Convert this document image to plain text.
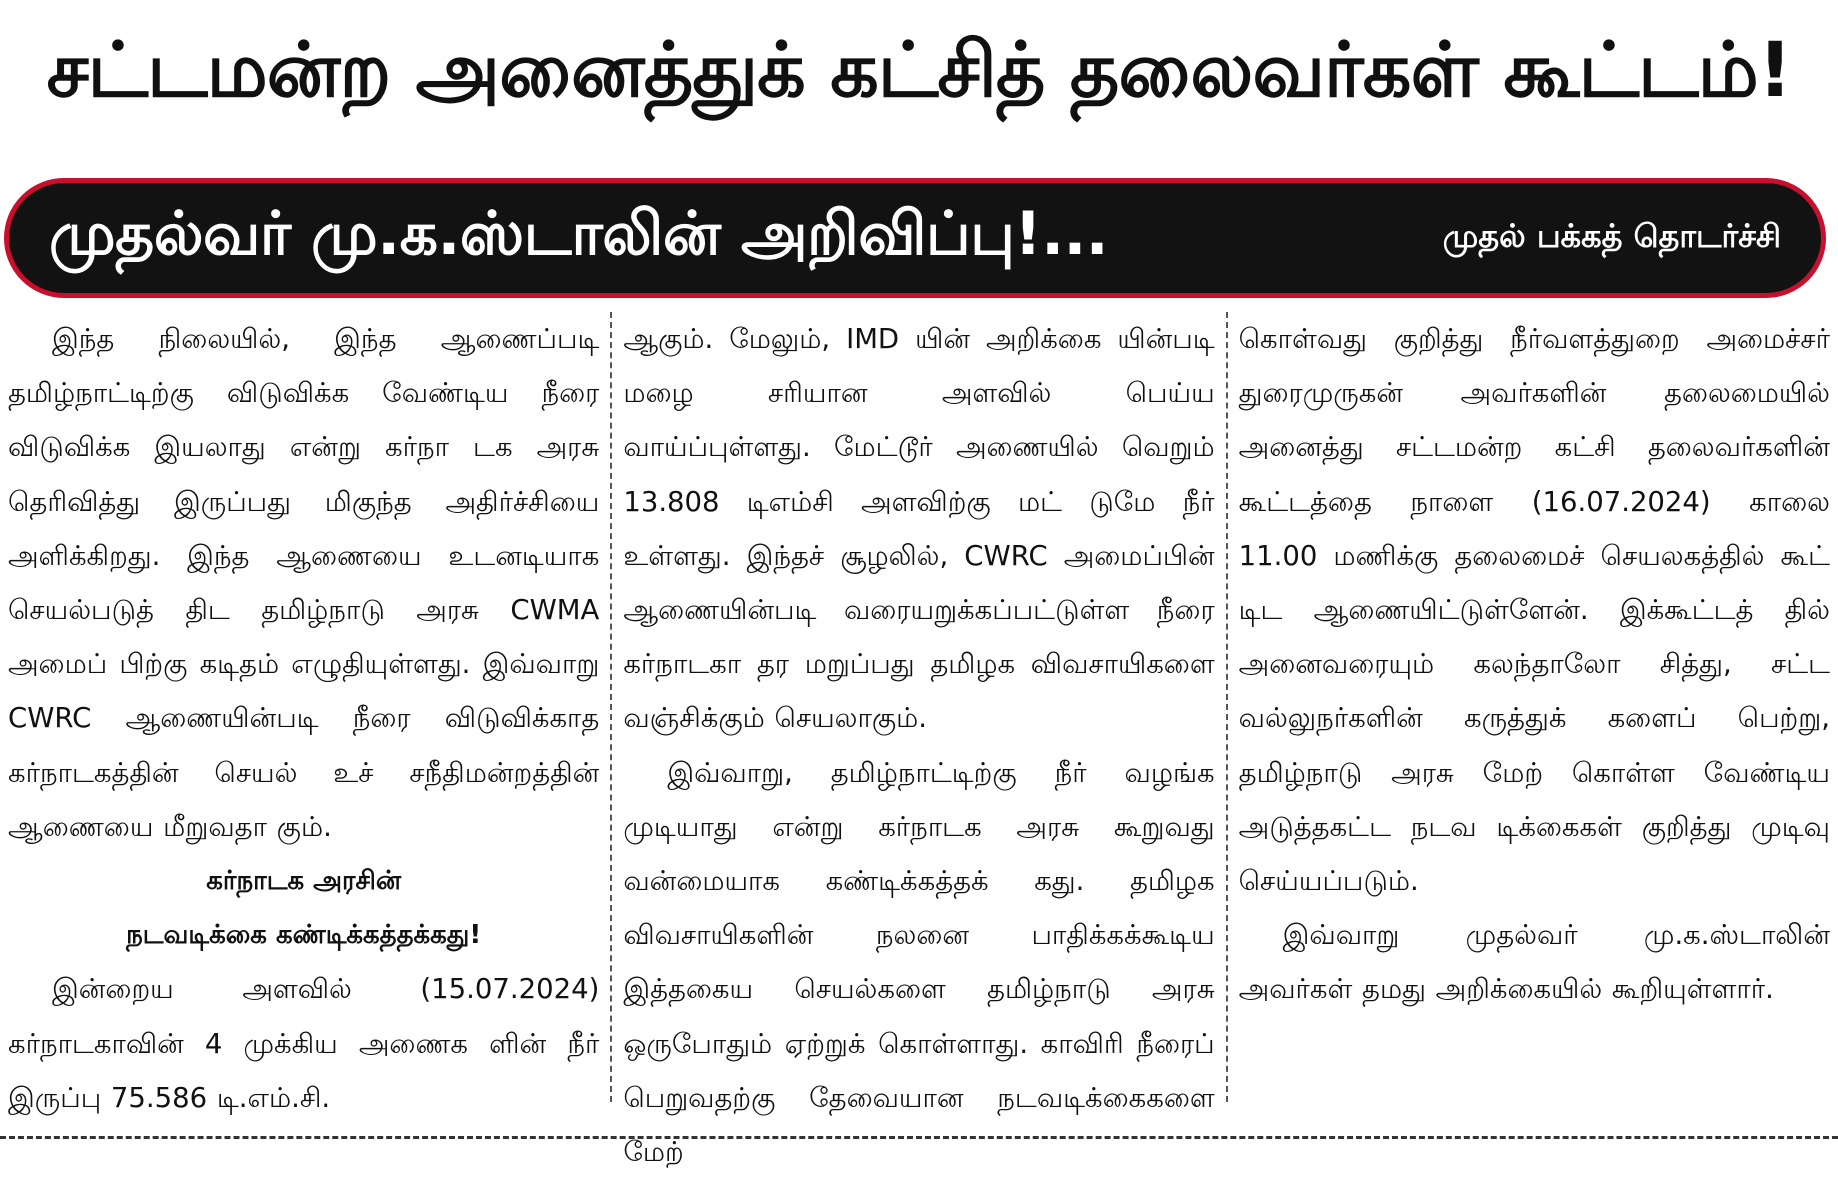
சட்டமன்ற அனைத்துக் கட்சித் தலைவர்கள் கூட்டம்!
முதல்வர் மு.க.ஸ்டாலின் அறிவிப்பு!...	முதல் பக்கத் தொடர்ச்சி

இந்த நிலையில், இந்த ஆணைப்படி தமிழ்நாட்டிற்கு விடுவிக்க வேண்டிய நீரை விடுவிக்க இயலாது என்று கர்நா டக அரசு தெரிவித்து இருப்பது மிகுந்த அதிர்ச்சியை அளிக்கிறது. இந்த ஆணையை உடனடியாக செயல்படுத் திட தமிழ்நாடு அரசு CWMA அமைப் பிற்கு கடிதம் எழுதியுள்ளது. இவ்வாறு CWRC ஆணையின்படி நீரை விடுவிக்காத கர்நாடகத்தின் செயல் உச் சநீதிமன்றத்தின் ஆணையை மீறுவதா கும்.

கர்நாடக அரசின்

நடவடிக்கை கண்டிக்கத்தக்கது!

இன்றைய அளவில் (15.07.2024) கர்நாடகாவின் 4 முக்கிய அணைக ளின் நீர் இருப்பு 75.586 டி.எம்.சி.

ஆகும். மேலும், IMD யின் அறிக்கை யின்படி மழை சரியான அளவில் பெய்ய வாய்ப்புள்ளது. மேட்டூர் அணையில் வெறும் 13.808 டிஎம்சி அளவிற்கு மட் டுமே நீர் உள்ளது. இந்தச் சூழலில், CWRC அமைப்பின் ஆணையின்படி வரையறுக்கப்பட்டுள்ள நீரை கர்நாடகா தர மறுப்பது தமிழக விவசாயிகளை வஞ்சிக்கும் செயலாகும்.

இவ்வாறு, தமிழ்நாட்டிற்கு நீர் வழங்க முடியாது என்று கர்நாடக அரசு கூறுவது வன்மையாக கண்டிக்கத்தக் கது. தமிழக விவசாயிகளின் நலனை பாதிக்கக்கூடிய இத்தகைய செயல்களை தமிழ்நாடு அரசு ஒருபோதும் ஏற்றுக் கொள்ளாது. காவிரி நீரைப் பெறுவதற்கு தேவையான நடவடிக்கைகளை மேற்

கொள்வது குறித்து நீர்வளத்துறை அமைச்சர் துரைமுருகன் அவர்களின் தலைமையில் அனைத்து சட்டமன்ற கட்சி தலைவர்களின் கூட்டத்தை நாளை (16.07.2024) காலை 11.00 மணிக்கு தலைமைச் செயலகத்தில் கூட் டிட ஆணையிட்டுள்ளேன். இக்கூட்டத் தில் அனைவரையும் கலந்தாலோ சித்து, சட்ட வல்லுநர்களின் கருத்துக் களைப் பெற்று, தமிழ்நாடு அரசு மேற் கொள்ள வேண்டிய அடுத்தகட்ட நடவ டிக்கைகள் குறித்து முடிவு செய்யப்படும்.

இவ்வாறு முதல்வர் மு.க.ஸ்டாலின் அவர்கள் தமது அறிக்கையில் கூறியுள்ளார்.
